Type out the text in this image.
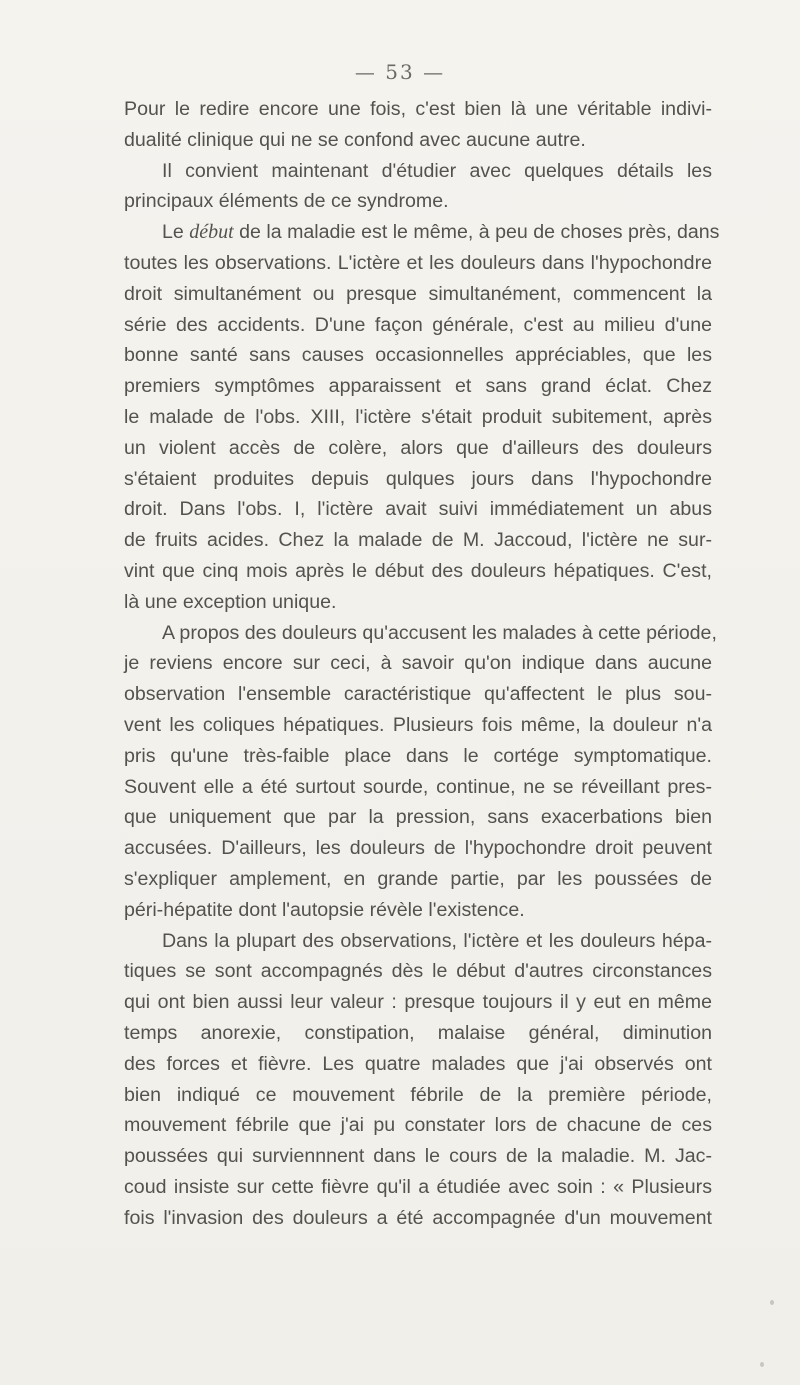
— 53 —
Pour le redire encore une fois, c'est bien là une véritable indivi-
dualité clinique qui ne se confond avec aucune autre.
Il convient maintenant d'étudier avec quelques détails les
principaux éléments de ce syndrome.
Le début de la maladie est le même, à peu de choses près, dans
toutes les observations. L'ictère et les douleurs dans l'hypochondre
droit simultanément ou presque simultanément, commencent la
série des accidents. D'une façon générale, c'est au milieu d'une
bonne santé sans causes occasionnelles appréciables, que les
premiers symptômes apparaissent et sans grand éclat. Chez
le malade de l'obs. XIII, l'ictère s'était produit subitement, après
un violent accès de colère, alors que d'ailleurs des douleurs
s'étaient produites depuis qulques jours dans l'hypochondre
droit. Dans l'obs. I, l'ictère avait suivi immédiatement un abus
de fruits acides. Chez la malade de M. Jaccoud, l'ictère ne sur-
vint que cinq mois après le début des douleurs hépatiques. C'est,
là une exception unique.
A propos des douleurs qu'accusent les malades à cette période,
je reviens encore sur ceci, à savoir qu'on indique dans aucune
observation l'ensemble caractéristique qu'affectent le plus sou-
vent les coliques hépatiques. Plusieurs fois même, la douleur n'a
pris qu'une très-faible place dans le cortége symptomatique.
Souvent elle a été surtout sourde, continue, ne se réveillant pres-
que uniquement que par la pression, sans exacerbations bien
accusées. D'ailleurs, les douleurs de l'hypochondre droit peuvent
s'expliquer amplement, en grande partie, par les poussées de
péri-hépatite dont l'autopsie révèle l'existence.
Dans la plupart des observations, l'ictère et les douleurs hépa-
tiques se sont accompagnés dès le début d'autres circonstances
qui ont bien aussi leur valeur : presque toujours il y eut en même
temps anorexie, constipation, malaise général, diminution
des forces et fièvre. Les quatre malades que j'ai observés ont
bien indiqué ce mouvement fébrile de la première période,
mouvement fébrile que j'ai pu constater lors de chacune de ces
poussées qui surviennnent dans le cours de la maladie. M. Jac-
coud insiste sur cette fièvre qu'il a étudiée avec soin : « Plusieurs
fois l'invasion des douleurs a été accompagnée d'un mouvement
